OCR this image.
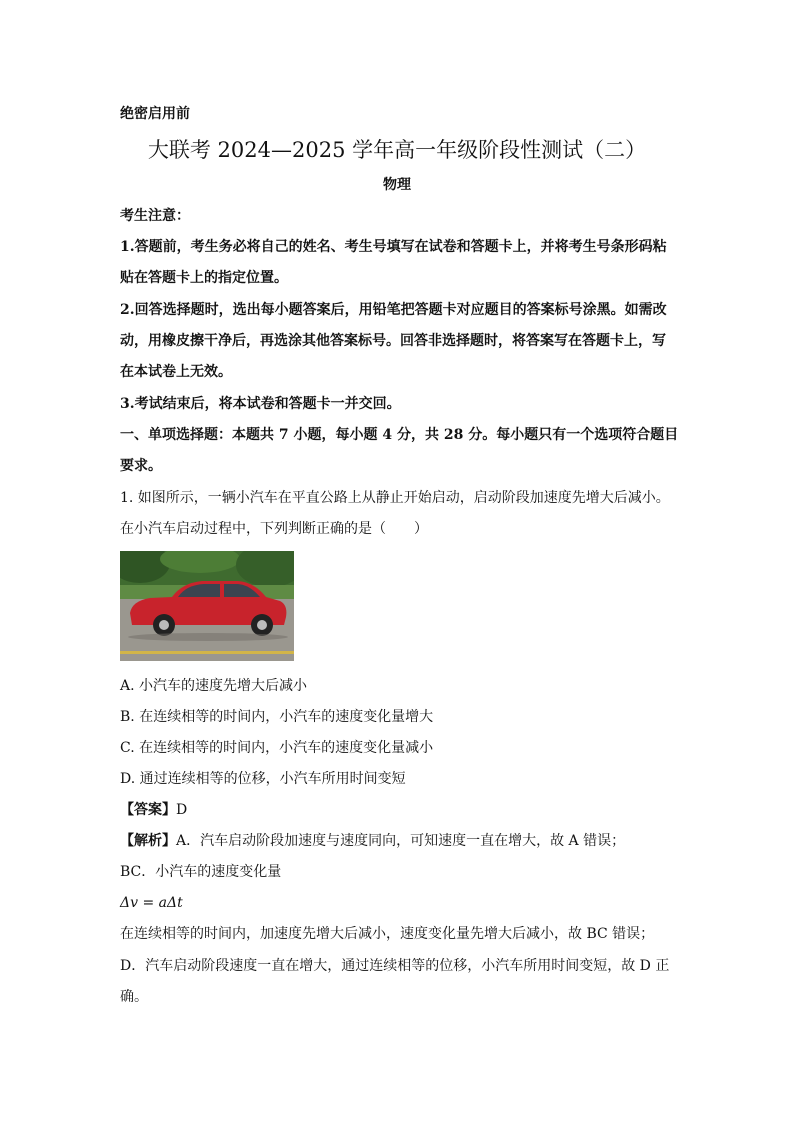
绝密启用前
大联考 2024—2025 学年高一年级阶段性测试（二）
物理
考生注意：
1.答题前，考生务必将自己的姓名、考生号填写在试卷和答题卡上，并将考生号条形码粘
贴在答题卡上的指定位置。
2.回答选择题时，选出每小题答案后，用铅笔把答题卡对应题目的答案标号涂黑。如需改
动，用橡皮擦干净后，再选涂其他答案标号。回答非选择题时，将答案写在答题卡上，写
在本试卷上无效。
3.考试结束后，将本试卷和答题卡一并交回。
一、单项选择题：本题共 7 小题，每小题 4 分，共 28 分。每小题只有一个选项符合题目
要求。
1. 如图所示，一辆小汽车在平直公路上从静止开始启动，启动阶段加速度先增大后减小。
在小汽车启动过程中，下列判断正确的是（　　）
A. 小汽车的速度先增大后减小
B. 在连续相等的时间内，小汽车的速度变化量增大
C. 在连续相等的时间内，小汽车的速度变化量减小
D. 通过连续相等的位移，小汽车所用时间变短
【答案】D
【解析】A．汽车启动阶段加速度与速度同向，可知速度一直在增大，故 A 错误；
BC．小汽车的速度变化量
Δv = aΔt
在连续相等的时间内，加速度先增大后减小，速度变化量先增大后减小，故 BC 错误；
D．汽车启动阶段速度一直在增大，通过连续相等的位移，小汽车所用时间变短，故 D 正
确。
